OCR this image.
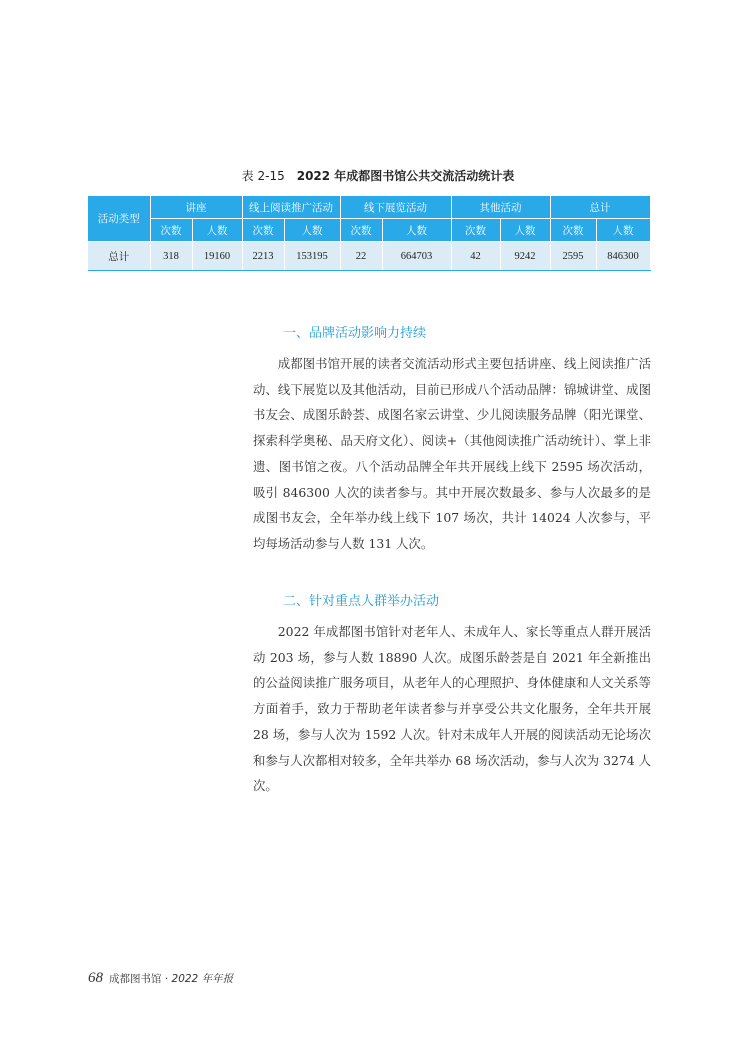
表 2-15 2022 年成都图书馆公共交流活动统计表
活动类型	讲座		线上阅读推广活动		线下展览活动		其他活动		总计	
	次数	人数	次数	人数	次数	人数	次数	人数	次数	人数
总计	318	19160	2213	153195	22	664703	42	9242	2595	846300
一、品牌活动影响力持续

成都图书馆开展的读者交流活动形式主要包括讲座、线上阅读推广活动、线下展览以及其他活动，目前已形成八个活动品牌：锦城讲堂、成图书友会、成图乐龄荟、成图名家云讲堂、少儿阅读服务品牌（阳光课堂、探索科学奥秘、品天府文化）、阅读+（其他阅读推广活动统计）、掌上非遗、图书馆之夜。八个活动品牌全年共开展线上线下 2595 场次活动，吸引 846300 人次的读者参与。其中开展次数最多、参与人次最多的是成图书友会，全年举办线上线下 107 场次，共计 14024 人次参与，平均每场活动参与人数 131 人次。

二、针对重点人群举办活动

2022 年成都图书馆针对老年人、未成年人、家长等重点人群开展活动 203 场，参与人数 18890 人次。成图乐龄荟是自 2021 年全新推出的公益阅读推广服务项目，从老年人的心理照护、身体健康和人文关系等方面着手，致力于帮助老年读者参与并享受公共文化服务，全年共开展 28 场，参与人次为 1592 人次。针对未成年人开展的阅读活动无论场次和参与人次都相对较多，全年共举办 68 场次活动，参与人次为 3274 人次。

68 成都图书馆 · 2022 年年报
